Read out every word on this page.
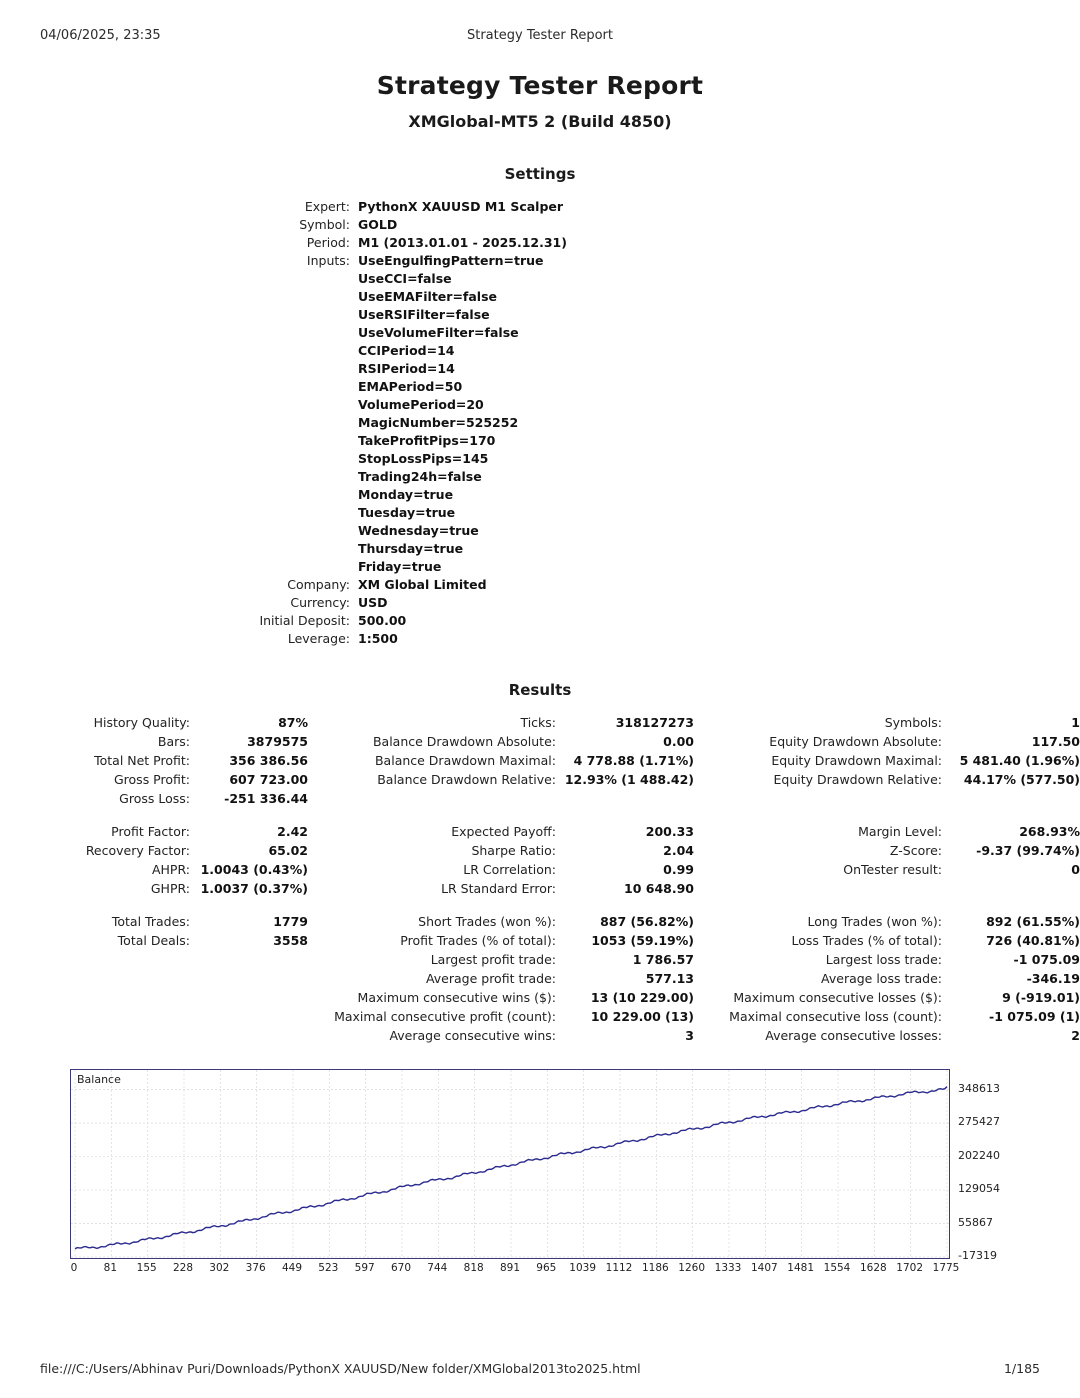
04/06/2025, 23:35	Strategy Tester Report
Strategy Tester Report
XMGlobal-MT5 2 (Build 4850)
Settings
Expert:	PythonX XAUUSD M1 Scalper
Symbol:	GOLD
Period:	M1 (2013.01.01 - 2025.12.31)
Inputs:	UseEngulfingPattern=true
	UseCCI=false
	UseEMAFilter=false
	UseRSIFilter=false
	UseVolumeFilter=false
	CCIPeriod=14
	RSIPeriod=14
	EMAPeriod=50
	VolumePeriod=20
	MagicNumber=525252
	TakeProfitPips=170
	StopLossPips=145
	Trading24h=false
	Monday=true
	Tuesday=true
	Wednesday=true
	Thursday=true
	Friday=true
Company:	XM Global Limited
Currency:	USD
Initial Deposit:	500.00
Leverage:	1:500
Results
History Quality:	87%	Ticks:	318127273	Symbols:	1
Bars:	3879575	Balance Drawdown Absolute:	0.00	Equity Drawdown Absolute:	117.50
Total Net Profit:	356 386.56	Balance Drawdown Maximal:	4 778.88 (1.71%)	Equity Drawdown Maximal:	5 481.40 (1.96%)
Gross Profit:	607 723.00	Balance Drawdown Relative:	12.93% (1 488.42)	Equity Drawdown Relative:	44.17% (577.50)
Gross Loss:	-251 336.44				

Profit Factor:	2.42	Expected Payoff:	200.33	Margin Level:	268.93%
Recovery Factor:	65.02	Sharpe Ratio:	2.04	Z-Score:	-9.37 (99.74%)
AHPR:	1.0043 (0.43%)	LR Correlation:	0.99	OnTester result:	0
GHPR:	1.0037 (0.37%)	LR Standard Error:	10 648.90		

Total Trades:	1779	Short Trades (won %):	887 (56.82%)	Long Trades (won %):	892 (61.55%)
Total Deals:	3558	Profit Trades (% of total):	1053 (59.19%)	Loss Trades (% of total):	726 (40.81%)
		Largest profit trade:	1 786.57	Largest loss trade:	-1 075.09
		Average profit trade:	577.13	Average loss trade:	-346.19
		Maximum consecutive wins ($):	13 (10 229.00)	Maximum consecutive losses ($):	9 (-919.01)
		Maximal consecutive profit (count):	10 229.00 (13)	Maximal consecutive loss (count):	-1 075.09 (1)
		Average consecutive wins:	3	Average consecutive losses:	2
Balance
348613
275427
202240
129054
55867
-17319
0	81 155 228 302 376 449 523 597 670 744 818 891 965 1039 1112 1186 1260 1333 1407 1481 1554 1628 1702 1775
file:///C:/Users/Abhinav Puri/Downloads/PythonX XAUUSD/New folder/XMGlobal2013to2025.html	1/185
